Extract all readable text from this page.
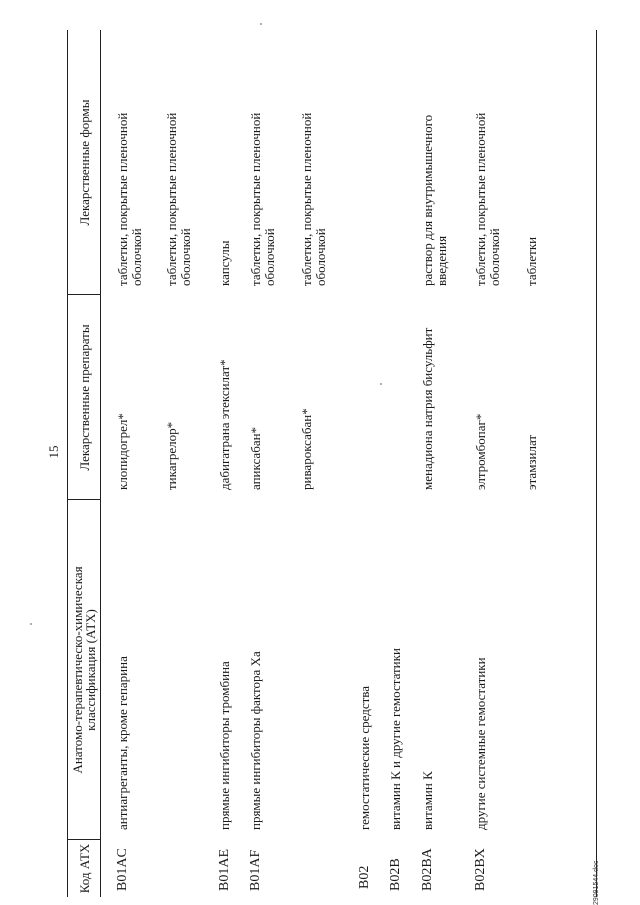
15
Код АТХ
Анатомо-терапевтическо-химическая
классификация (АТХ)
Лекарственные препараты
Лекарственные формы
B01AC
антиагреганты, кроме гепарина
клопидогрел*
таблетки, покрытые пленочной оболочкой
тикагрелор*
таблетки, покрытые пленочной оболочкой
B01AE
прямые ингибиторы тромбина
дабигатрана этексилат*
капсулы
B01AF
прямые ингибиторы фактора Xa
апиксабан*
таблетки, покрытые пленочной оболочкой
ривароксабан*
таблетки, покрытые пленочной оболочкой
B02
гемостатические средства
B02B
витамин К и другие гемостатики
B02BA
витамин К
менадиона натрия бисульфит
раствор для внутримышечного введения
B02BX
другие системные гемостатики
элтромбопаг*
таблетки, покрытые пленочной оболочкой
этамзилат
таблетки
29091544.doc
